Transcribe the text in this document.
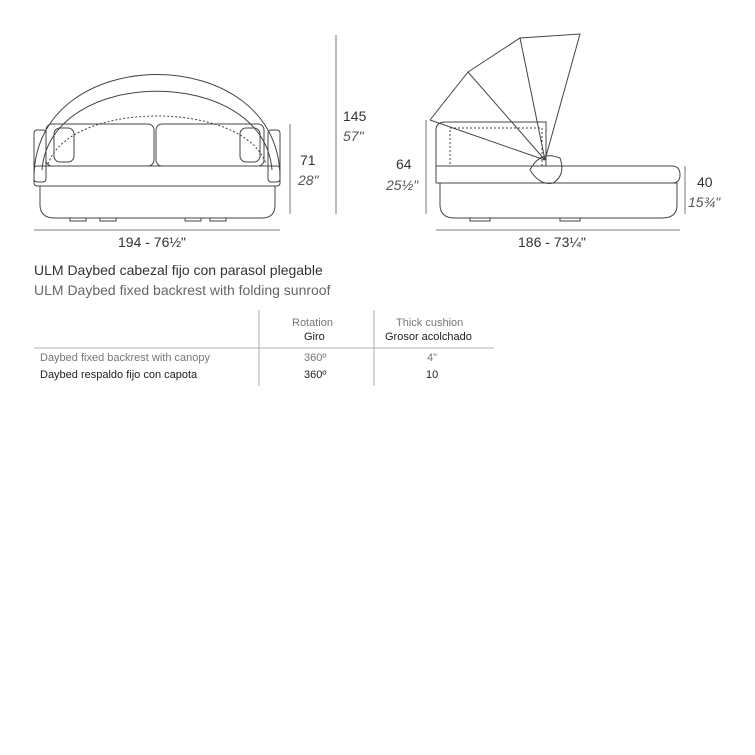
145
57"
71
28"
194 - 76½"
64
25½"	40
15¾"
186 - 73¼"
ULM Daybed cabezal fijo con parasol plegable
ULM Daybed fixed backrest with folding sunroof
Rotation
Giro
Thick cushion
Grosor acolchado
Daybed fixed backrest with canopy	360º	4"
Daybed respaldo fijo con capota	360º	10
